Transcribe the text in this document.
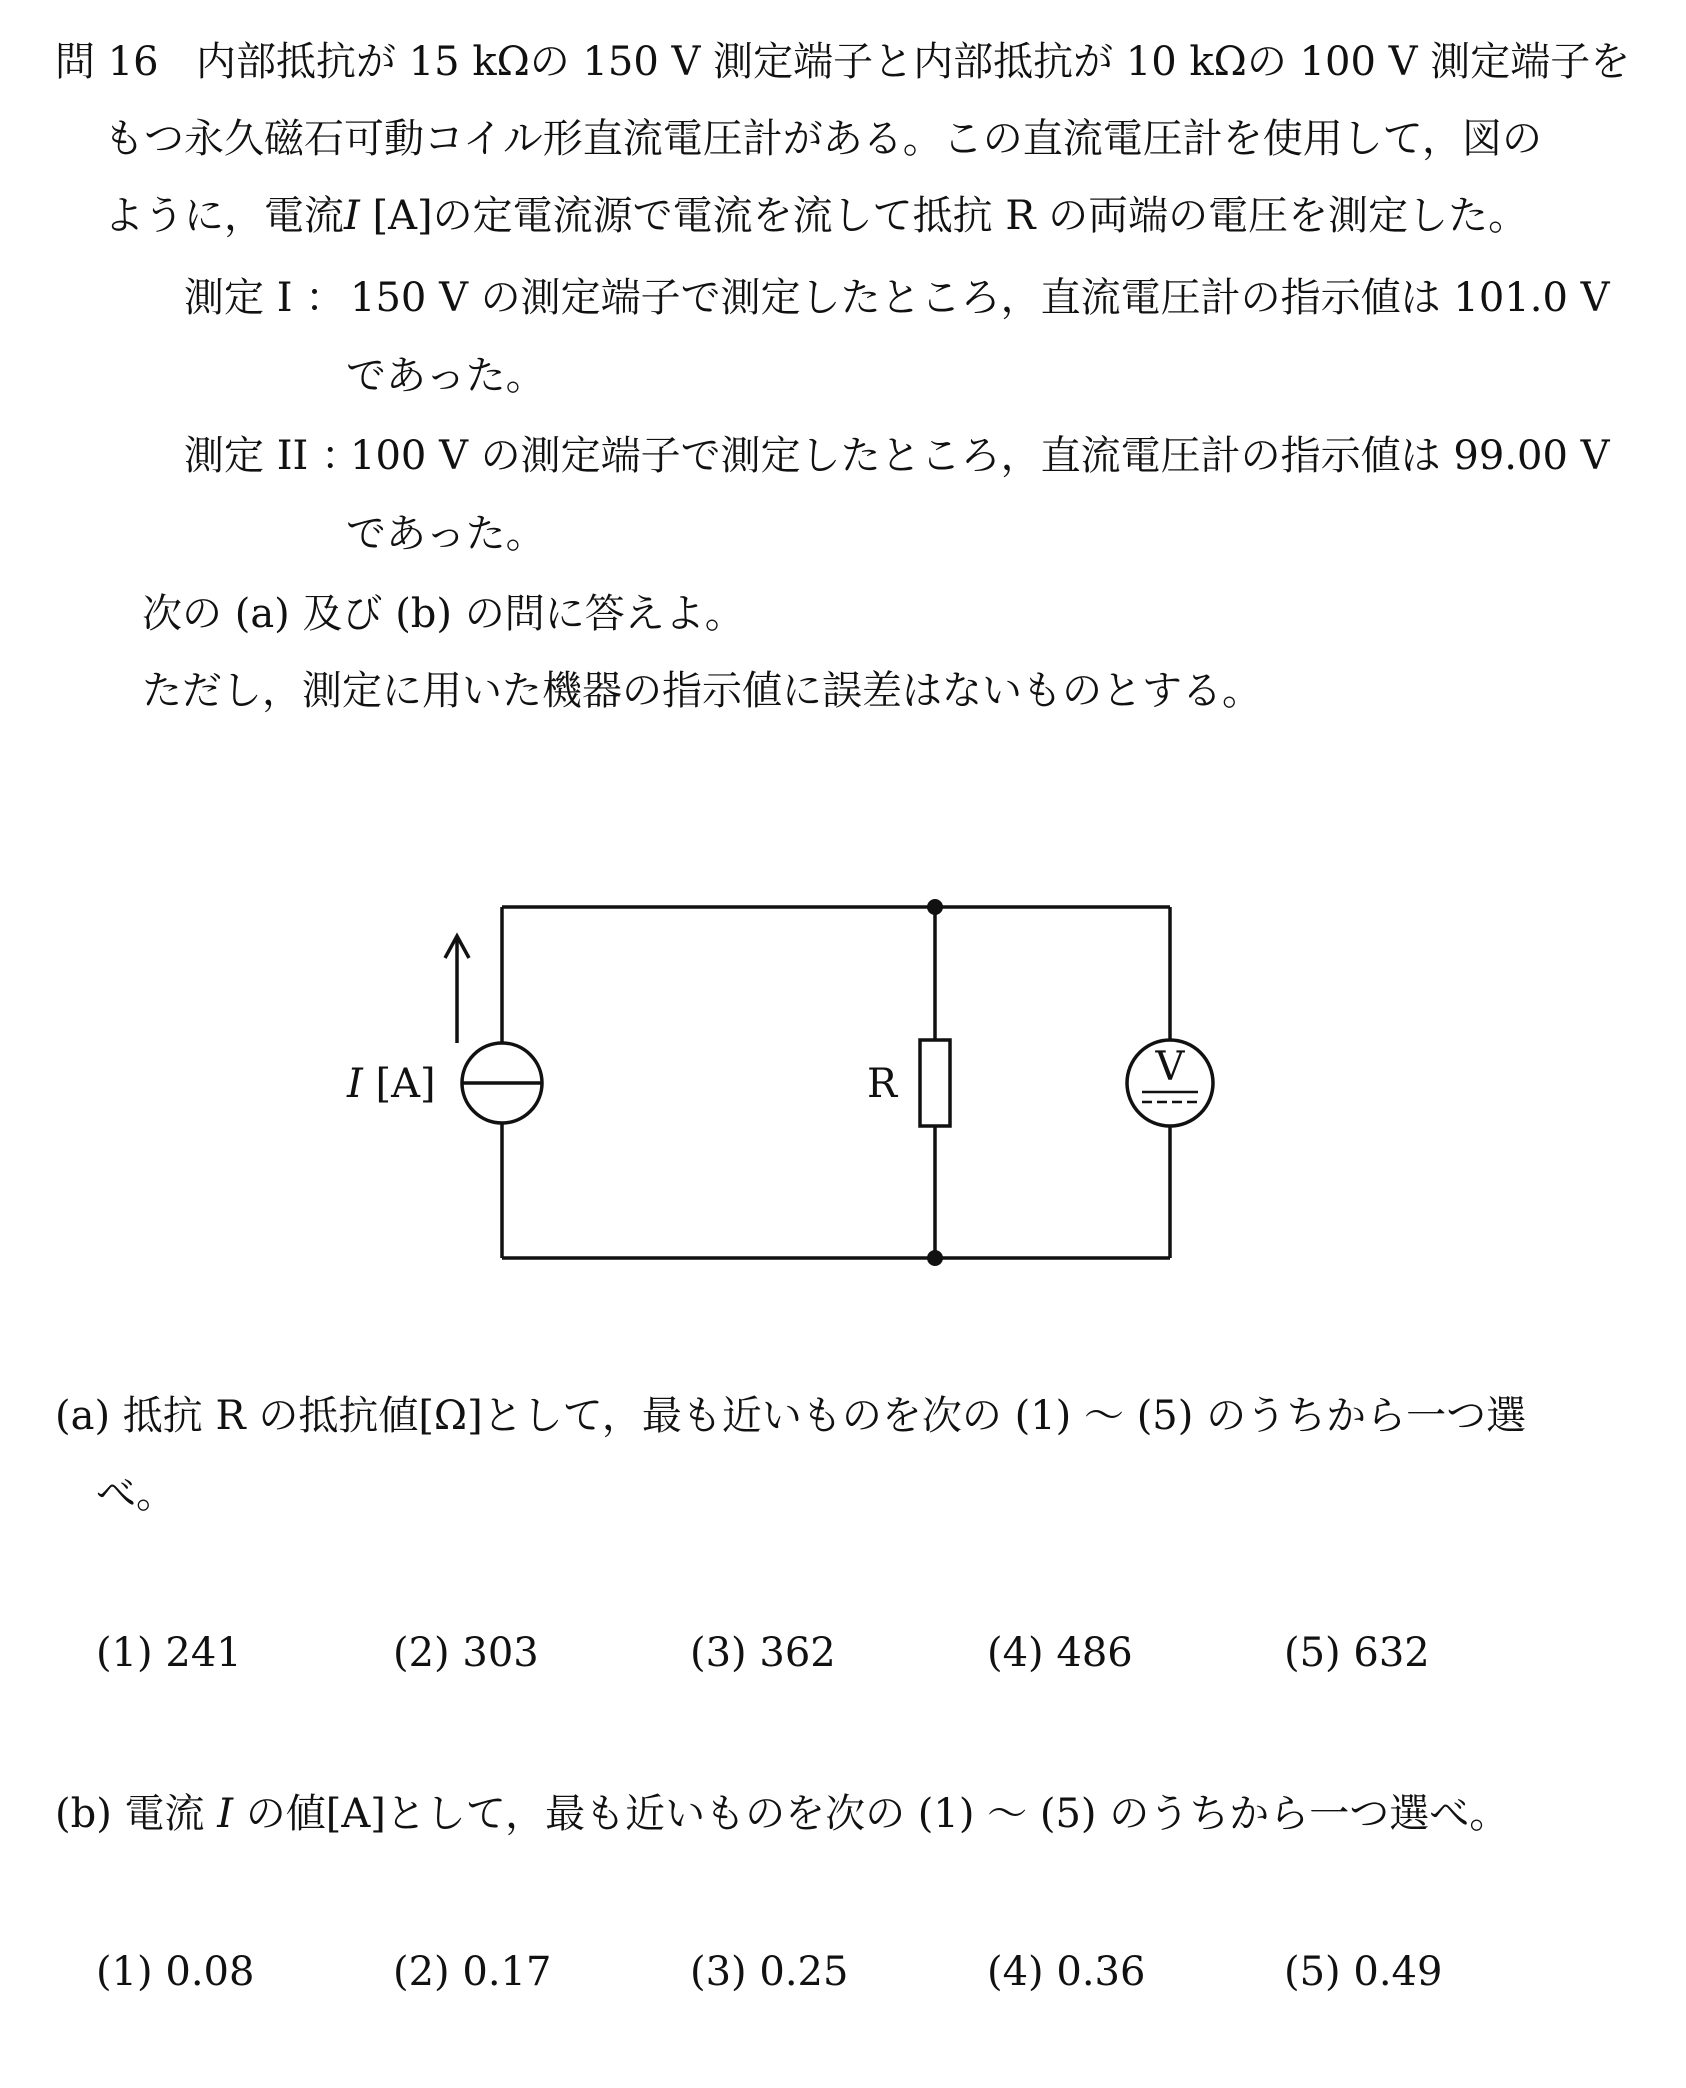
問 16 内部抵抗が 15 kΩの 150 V 測定端子と内部抵抗が 10 kΩの 100 V 測定端子を
もつ永久磁石可動コイル形直流電圧計がある。この直流電圧計を使用して，図の
ように，電流I [A]の定電流源で電流を流して抵抗 R の両端の電圧を測定した。
測定 I ： 150 V の測定端子で測定したところ，直流電圧計の指示値は 101.0 V
であった。
測定 II ：
100 V の測定端子で測定したところ，直流電圧計の指示値は 99.00 V
であった。
次の (a) 及び (b) の問に答えよ。
ただし，測定に用いた機器の指示値に誤差はないものとする。
I [A]	R	V
(a) 抵抗 R の抵抗値[Ω]として，最も近いものを次の (1) ～ (5) のうちから一つ選
べ。
(1) 241	(2) 303	(3) 362	(4) 486	(5) 632
(b) 電流 I の値[A]として，最も近いものを次の (1) ～ (5) のうちから一つ選べ。
(1) 0.08	(2) 0.17	(3) 0.25	(4) 0.36	(5) 0.49
